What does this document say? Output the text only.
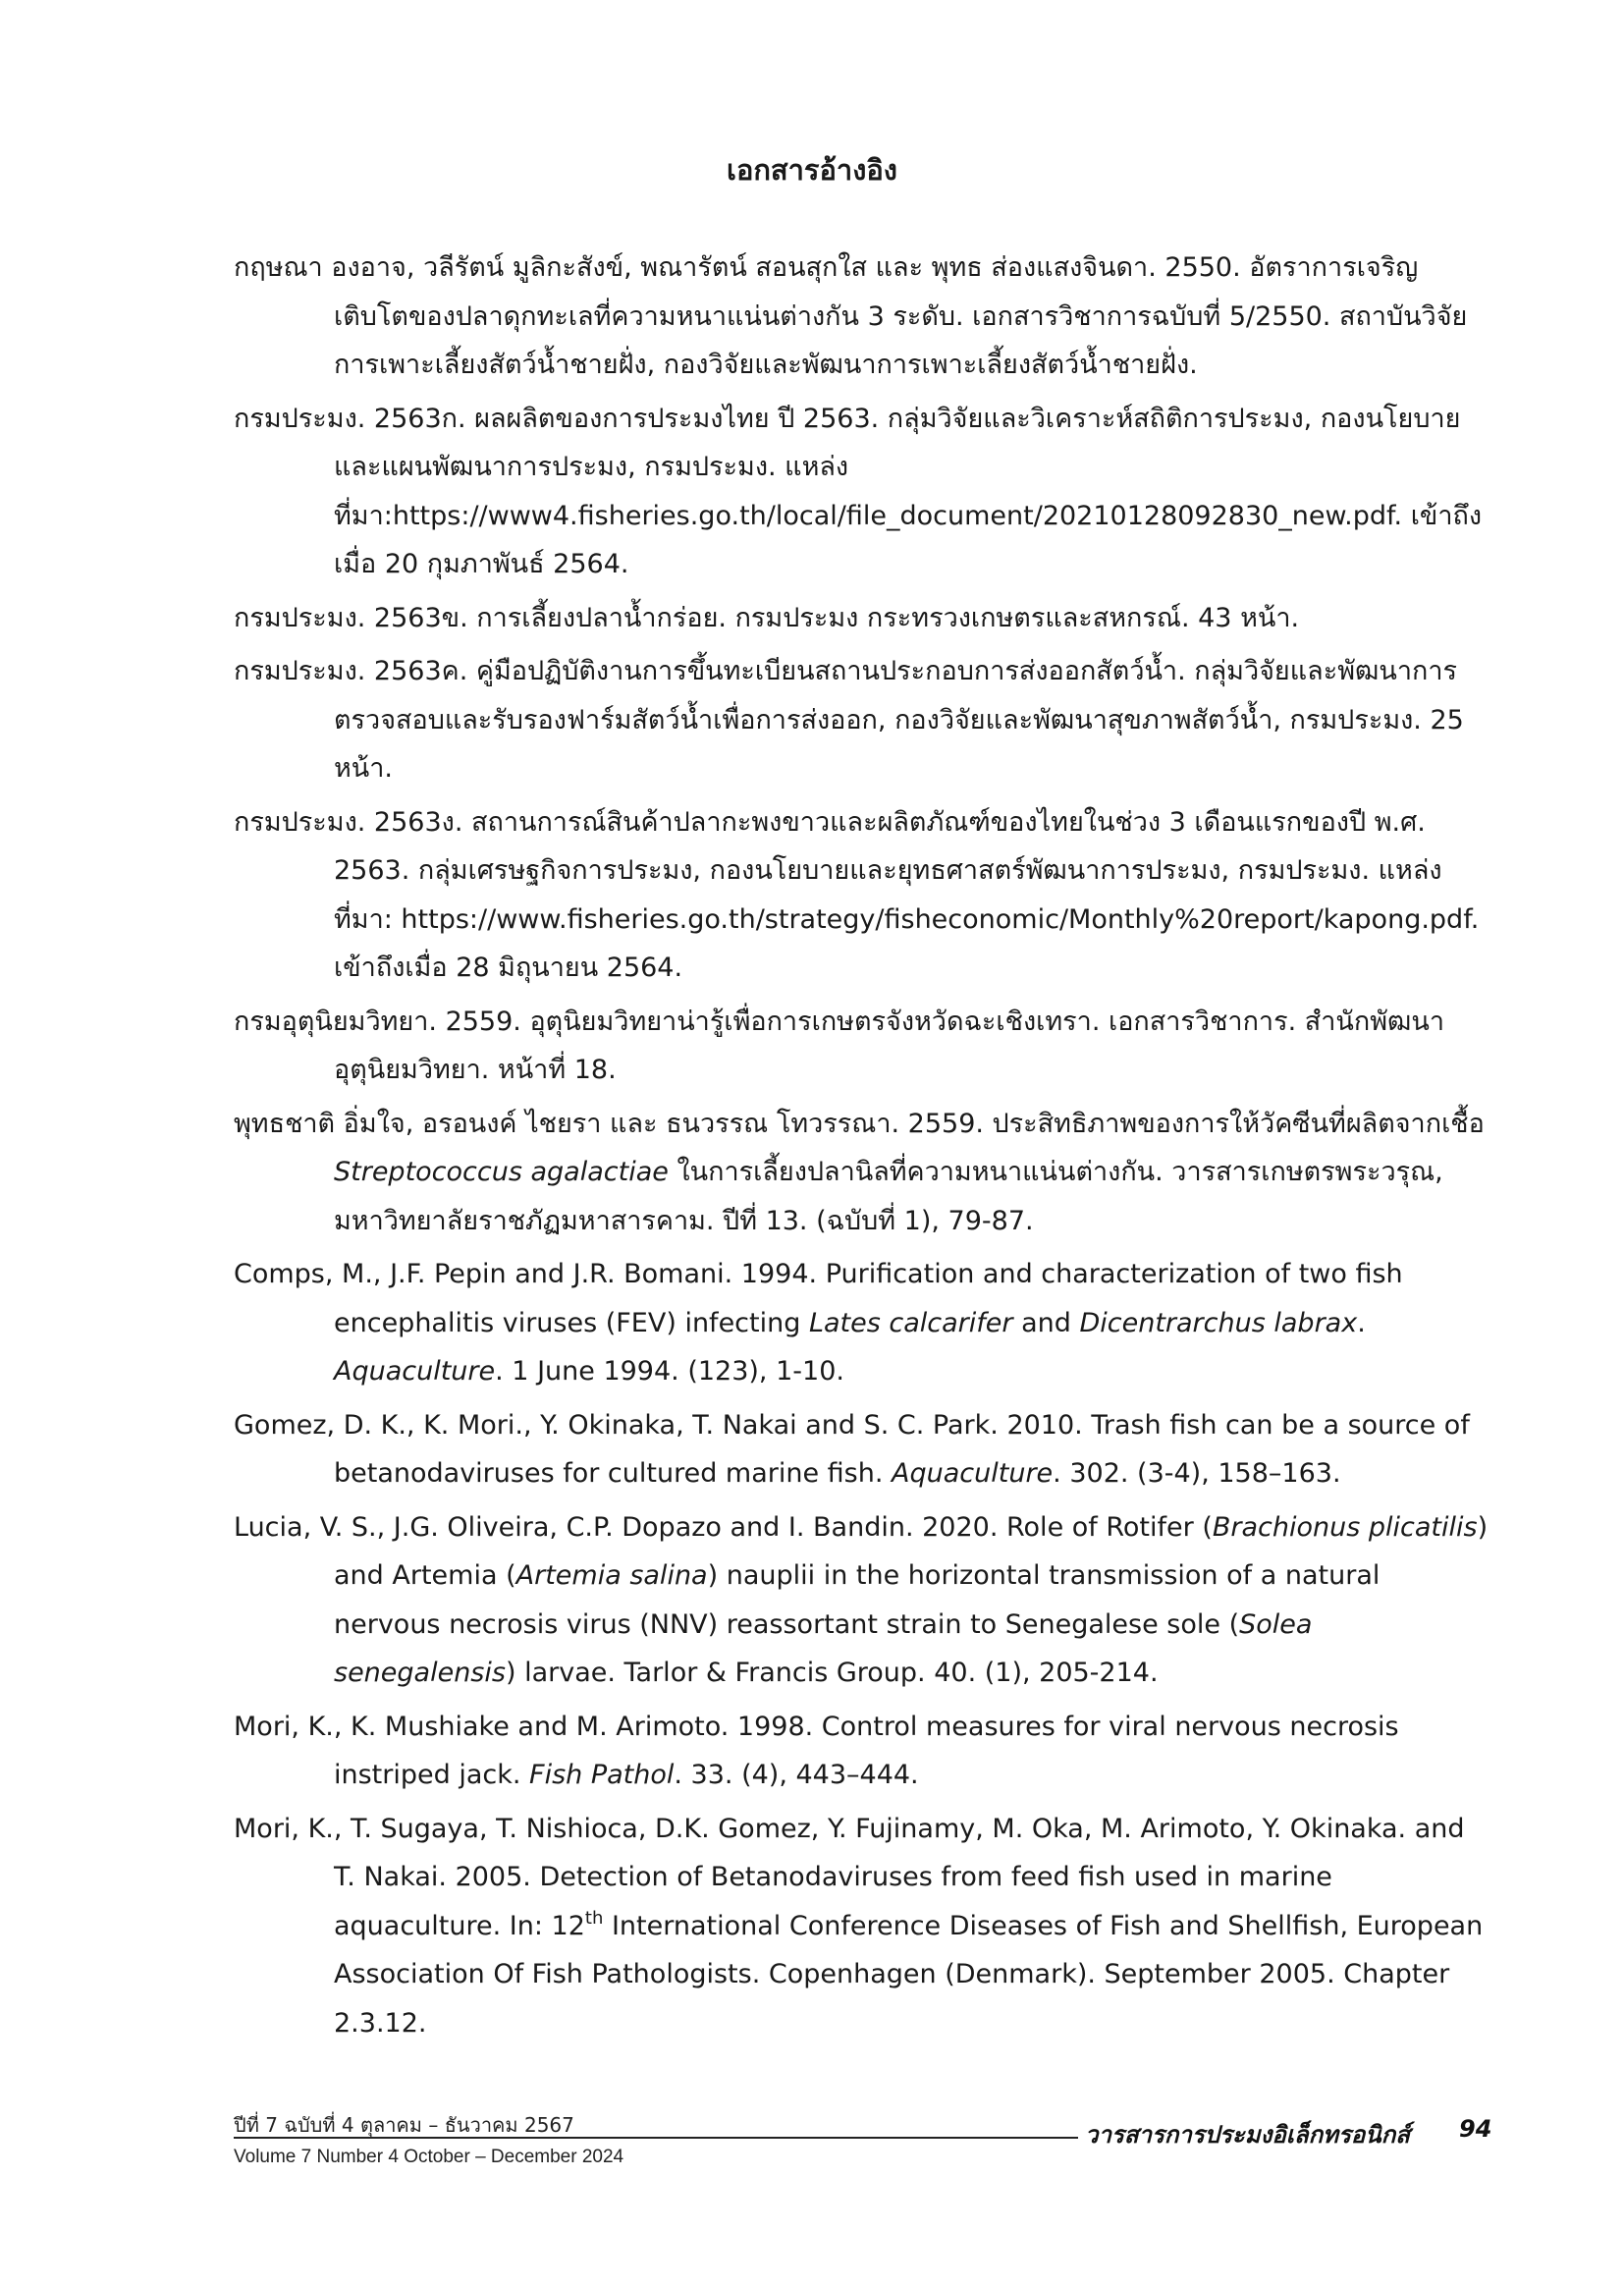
เอกสารอ้างอิง

กฤษณา องอาจ, วลีรัตน์ มูลิกะสังข์, พณารัตน์ สอนสุกใส และ พุทธ ส่องแสงจินดา. 2550. อัตราการเจริญเติบโตของปลาดุกทะเลที่ความหนาแน่นต่างกัน 3 ระดับ. เอกสารวิชาการฉบับที่ 5/2550. สถาบันวิจัยการเพาะเลี้ยงสัตว์น้ำชายฝั่ง, กองวิจัยและพัฒนาการเพาะเลี้ยงสัตว์น้ำชายฝั่ง.

กรมประมง. 2563ก. ผลผลิตของการประมงไทย ปี 2563. กลุ่มวิจัยและวิเคราะห์สถิติการประมง, กองนโยบายและแผนพัฒนาการประมง, กรมประมง. แหล่งที่มา:https://www4.fisheries.go.th/local/file_document/20210128092830_new.pdf. เข้าถึงเมื่อ 20 กุมภาพันธ์ 2564.

กรมประมง. 2563ข. การเลี้ยงปลาน้ำกร่อย. กรมประมง กระทรวงเกษตรและสหกรณ์. 43 หน้า.

กรมประมง. 2563ค. คู่มือปฏิบัติงานการขึ้นทะเบียนสถานประกอบการส่งออกสัตว์น้ำ. กลุ่มวิจัยและพัฒนาการตรวจสอบและรับรองฟาร์มสัตว์น้ำเพื่อการส่งออก, กองวิจัยและพัฒนาสุขภาพสัตว์น้ำ, กรมประมง. 25 หน้า.

กรมประมง. 2563ง. สถานการณ์สินค้าปลากะพงขาวและผลิตภัณฑ์ของไทยในช่วง 3 เดือนแรกของปี พ.ศ. 2563. กลุ่มเศรษฐกิจการประมง, กองนโยบายและยุทธศาสตร์พัฒนาการประมง, กรมประมง. แหล่งที่มา: https://www.fisheries.go.th/strategy/fisheconomic/Monthly%20report/kapong.pdf. เข้าถึงเมื่อ 28 มิถุนายน 2564.

กรมอุตุนิยมวิทยา. 2559. อุตุนิยมวิทยาน่ารู้เพื่อการเกษตรจังหวัดฉะเชิงเทรา. เอกสารวิชาการ. สำนักพัฒนาอุตุนิยมวิทยา. หน้าที่ 18.

พุทธชาติ อิ่มใจ, อรอนงค์ ไชยรา และ ธนวรรณ โทวรรณา. 2559. ประสิทธิภาพของการให้วัคซีนที่ผลิตจากเชื้อ Streptococcus agalactiae ในการเลี้ยงปลานิลที่ความหนาแน่นต่างกัน. วารสารเกษตรพระวรุณ, มหาวิทยาลัยราชภัฏมหาสารคาม. ปีที่ 13. (ฉบับที่ 1), 79-87.

Comps, M., J.F. Pepin and J.R. Bomani. 1994. Purification and characterization of two fish encephalitis viruses (FEV) infecting Lates calcarifer and Dicentrarchus labrax. Aquaculture. 1 June 1994. (123), 1-10.

Gomez, D. K., K. Mori., Y. Okinaka, T. Nakai and S. C. Park. 2010. Trash fish can be a source of betanodaviruses for cultured marine fish. Aquaculture. 302. (3-4), 158–163.

Lucia, V. S., J.G. Oliveira, C.P. Dopazo and I. Bandin. 2020. Role of Rotifer (Brachionus plicatilis) and Artemia (Artemia salina) nauplii in the horizontal transmission of a natural nervous necrosis virus (NNV) reassortant strain to Senegalese sole (Solea senegalensis) larvae. Tarlor & Francis Group. 40. (1), 205-214.

Mori, K., K. Mushiake and M. Arimoto. 1998. Control measures for viral nervous necrosis instriped jack. Fish Pathol. 33. (4), 443–444.

Mori, K., T. Sugaya, T. Nishioca, D.K. Gomez, Y. Fujinamy, M. Oka, M. Arimoto, Y. Okinaka. and T. Nakai. 2005. Detection of Betanodaviruses from feed fish used in marine aquaculture. In: 12th International Conference Diseases of Fish and Shellfish, European Association Of Fish Pathologists. Copenhagen (Denmark). September 2005. Chapter 2.3.12.

ปีที่ 7 ฉบับที่ 4 ตุลาคม – ธันวาคม 2567
Volume 7 Number 4 October – December 2024
วารสารการประมงอิเล็กทรอนิกส์ 94
